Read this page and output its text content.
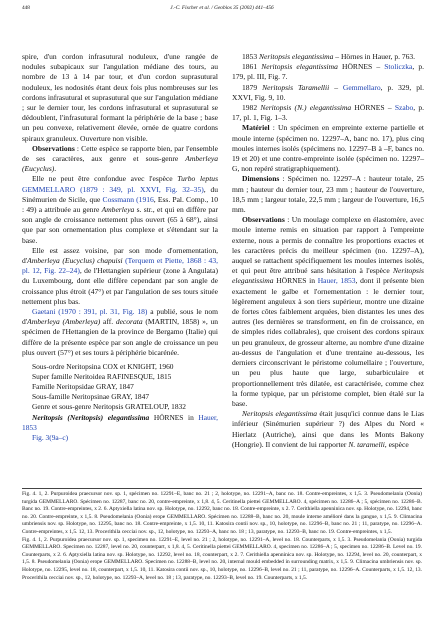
448	J.-C. Fischer et al. / Geobios 35 (2002) 441–456

spire, d'un cordon infrasutural noduleux, d'une rangée de nodules subapicaux sur l'angulation médiane des tours, au nombre de 13 à 14 par tour, et d'un cordon suprasutural noduleux, les nodosités étant deux fois plus nombreuses sur les cordons infrasutural et suprasutural que sur l'angulation médiane ; sur le dernier tour, les cordons infrasutural et suprasutural se dédoublent, l'infrasutural formant la périphérie de la base ; base un peu convexe, relativement élevée, ornée de quatre cordons spiraux granuleux. Ouverture non visible.

Observations : Cette espèce se rapporte bien, par l'ensemble de ses caractères, aux genre et sous-genre Amberleya (Eucyclus).

Elle ne peut être confondue avec l'espèce Turbo leptus GEMMELLARO (1879 : 349, pl. XXVI, Fig. 32–35), du Sinémurien de Sicile, que Cossmann (1916, Ess. Pal. Comp., 10 : 49) a attribuée au genre Amberleya s. str., et qui en diffère par son angle de croissance nettement plus ouvert (65 à 68°), ainsi que par son ornementation plus complexe et s'étendant sur la base.

Elle est assez voisine, par son mode d'ornementation, d'Amberleya (Eucyclus) chapuisi (Terquem et Piette, 1868 : 43, pl. 12, Fig. 22–24), de l'Hettangien supérieur (zone à Angulata) du Luxembourg, dont elle diffère cependant par son angle de croissance plus étroit (47°) et par l'angulation de ses tours située nettement plus bas.

Gaetani (1970 : 391, pl. 31, Fig. 18) a publié, sous le nom d'Amberleya (Amberleya) aff. decorata (MARTIN, 1858) », un spécimen de l'Hettangien de la province de Bergamo (Italie) qui diffère de la présente espèce par son angle de croissance un peu plus ouvert (57°) et ses tours à périphérie bicarénée.

Sous-ordre Neritopsina COX et KNIGHT, 1960

Super famille Neritoidea RAFINESQUE, 1815

Famille Neritopsidae GRAY, 1847

Sous-famille Neritopsinae GRAY, 1847

Genre et sous-genre Neritopsis GRATELOUP, 1832

Neritopsis (Neritopsis) elegantissima HÖRNES in Hauer, 1853

Fig. 3(9a–c)

1853 Neritopsis elegantissima – Hörnes in Hauer, p. 763.

1861 Neritopsis elegantissima HÖRNES – Stoliczka, p. 179, pl. III, Fig. 7.

1879 Neritopsis Taramellii – Gemmellaro, p. 329, pl. XXVI, Fig. 9, 10.

1982 Neritopsis (N.) elegantissima HÖRNES – Szabo, p. 17, pl. 1, Fig. 1–3.

Matériel : Un spécimen en empreinte externe partielle et moule interne (spécimen no. 12297–A, banc no. 17), plus cinq moules internes isolés (spécimens no. 12297–B à –F, bancs no. 19 et 20) et une contre-empreinte isolée (spécimen no. 12297–G, non repéré stratigraphiquement).

Dimensions : Spécimen no. 12297–A : hauteur totale, 25 mm ; hauteur du dernier tour, 23 mm ; hauteur de l'ouverture, 18,5 mm ; largeur totale, 22,5 mm ; largeur de l'ouverture, 16,5 mm.

Observations : Un moulage complexe en élastomère, avec moule interne remis en situation par rapport à l'empreinte externe, nous a permis de connaître les proportions exactes et les caractères précis du meilleur spécimen (no. 12297–A), auquel se rattachent spécifiquement les moules internes isolés, et qui peut être attribué sans hésitation à l'espèce Neritopsis elegantissima HÖRNES in Hauer, 1853, dont il présente bien exactement le galbe et l'ornementation : le dernier tour, légèrement anguleux à son tiers supérieur, montre une dizaine de fortes côtes faiblement arquées, bien distantes les unes des autres (les dernières se transforment, en fin de croissance, en de simples rides collabrales), que croisent des cordons spiraux un peu granuleux, de grosseur alterne, au nombre d'une dizaine au-dessus de l'angulation et d'une trentaine au-dessous, les derniers circonscrivant le péristome columellaire ; l'ouverture, un peu plus haute que large, subarbiculaire et proportionnellement très dilatée, est caractérisée, comme chez la forme typique, par un péristome complet, bien étalé sur la base.

Neritopsis elegantissima était jusqu'ici connue dans le Lias inférieur (Sinémurien supérieur ?) des Alpes du Nord « Hierlatz (Autriche), ainsi que dans les Monts Bakony (Hongrie). Il convient de lui rapporter N. taramelli, espèce

Fig. 4. 1, 2. Purpuroidea praecursor nov. sp. 1, spécimen no. 12291–E, banc no. 21 ; 2, holotype, no. 12291–A, banc no. 18. Contre-empreintes, x 1,5. 3. Pseudomelania (Oonia) turgida GEMMELLARO. Spécimen no. 12287, banc no. 20, contre-empreinte, x 1,8. 4, 5. Ceritinella piettei GEMMELLARO. 4, spécimen no. 12286–A ; 5, spécimen no. 12286–B. Banc no. 19. Contre-empreintes, x 2. 6. Aptyxiella latina nov. sp. Holotype, no. 12292, banc no. 18. Contre-empreinte, x 2. 7. Cerithiella apenninica nov. sp. Holotype, no. 12294, banc no. 20. Contre-empreinte, x 1,5. 8. Pseudomelania (Oonia) erope GEMMELLARO. Spécimen no. 12288–B, banc no. 20, moule interne amélioré dans la gangue, x 1,5. 9. Climacina umbriensis nov. sp. Holotype, no. 12295, banc no. 18. Contre-empreinte, x 1,5. 10, 11. Katosira contii nov. sp., 10, holotype, no. 12296–B, banc no. 21 ; 11, paratype, no. 12296–A. Contre-empreintes, x 1,5. 12, 13. Procerithila cecciai nov. sp., 12, holotype, no. 12293–A, banc no. 18 ; 13, paratype, no. 12293–B, banc no. 19. Contre-empreintes, x 1,5.

Fig. 4. 1, 2. Purpuroidea praecursor nov. sp. 1, specimen no. 12291–E, level no. 21 ; 2, holotype, no. 12291–A, level no. 18. Counterparts, x 1,5. 3. Pseudomelania (Oonia) turgida GEMMELLARO. Specimen no. 12287, level no. 20, counterpart, x 1,8. 4, 5. Ceritinella piettei GEMMELLARO. 4, specimen no. 12286–A ; 5, specimen no. 12286–B. Level no. 19. Counterparts, x 2. 6. Aptyxiella latina nov. sp. Holotype, no. 12292, level no. 18, counterpart, x 2. 7. Cerithiella apenninica nov. sp. Holotype, no. 12294, level no. 20, counterpart, x 1,5. 8. Pseudomelania (Oonia) erope GEMMELLARO. Specimen no. 12288–B, level no. 20, internal mould embedded in surrounding matrix, x 1,5. 9. Climacina umbriensis nov. sp. Holotype, no. 12295, level no. 18, counterpart, x 1,5. 10, 11. Katosira contii nov. sp., 10, holotype, no. 12296–B, level no. 21 ; 11, paratype, no. 12296–A. Counterparts, x 1,5. 12, 13. Procerithila cecciai nov. sp., 12, holotype, no. 12293–A, level no. 18 ; 13, paratype, no. 12293–B, level no. 19. Counterparts, x 1,5.
